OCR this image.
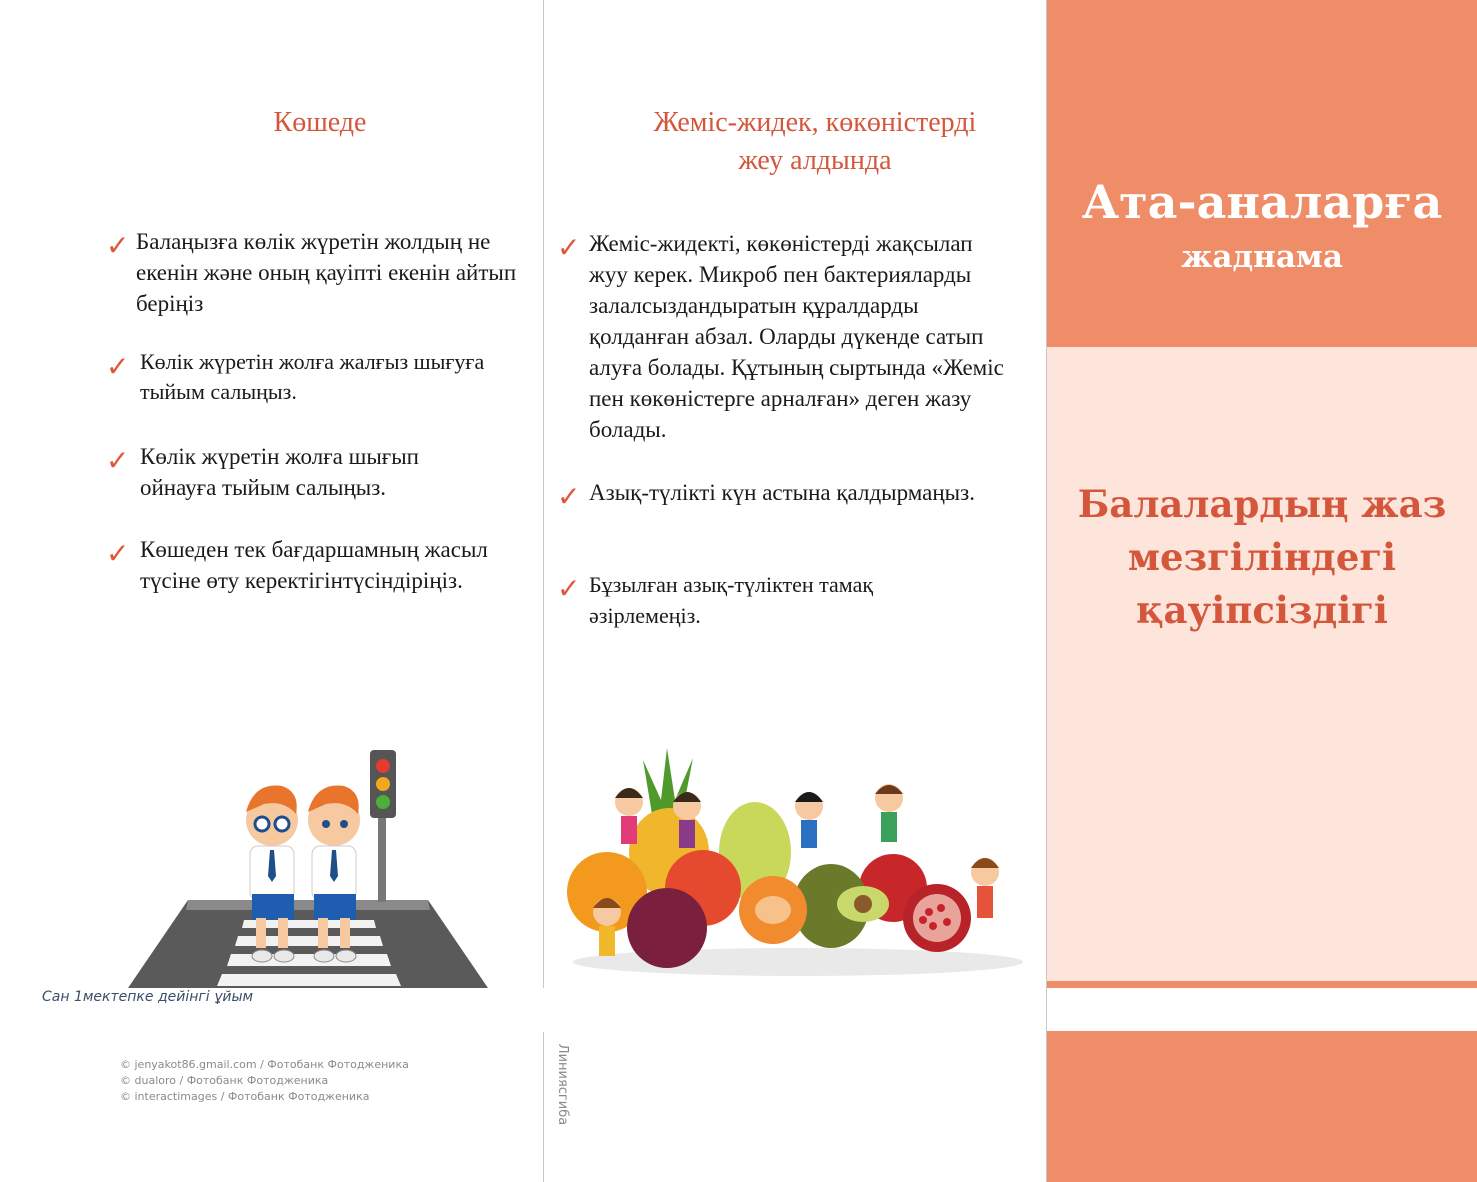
Көшеде
✓ Балаңызға көлік жүретін жолдың не екенін және оның қауіпті екенін айтып беріңіз
✓ Көлік жүретін жолға жалғыз шығуға тыйым салыңыз.
✓ Көлік жүретін жолға шығып ойнауға тыйым салыңыз.
✓ Көшеден тек бағдаршамның жасыл түсіне өту керектігінтүсіндіріңіз.
Сан 1мектепке дейінгі ұйым
© jenyakot86.gmail.com / Фотобанк Фотодженика
© dualoro / Фотобанк Фотодженика
© interactimages / Фотобанк Фотодженика
Жеміс-жидек, көкөністерді
жеу алдында
✓ Жеміс-жидекті, көкөністерді жақсылап жуу керек. Микроб пен бактерияларды залалсыздандыратын құралдарды қолданған абзал. Оларды дүкенде сатып алуға болады. Құтының сыртында «Жеміс пен көкөністерге арналған» деген жазу болады.
✓ Азық-түлікті күн астына қалдырмаңыз.
✓ Бұзылған азық-түліктен тамақ әзірлемеңіз.
Линиясгиба
Ата-аналарға
жаднама
Балалардың жаз
мезгіліндегі
қауіпсіздігі
